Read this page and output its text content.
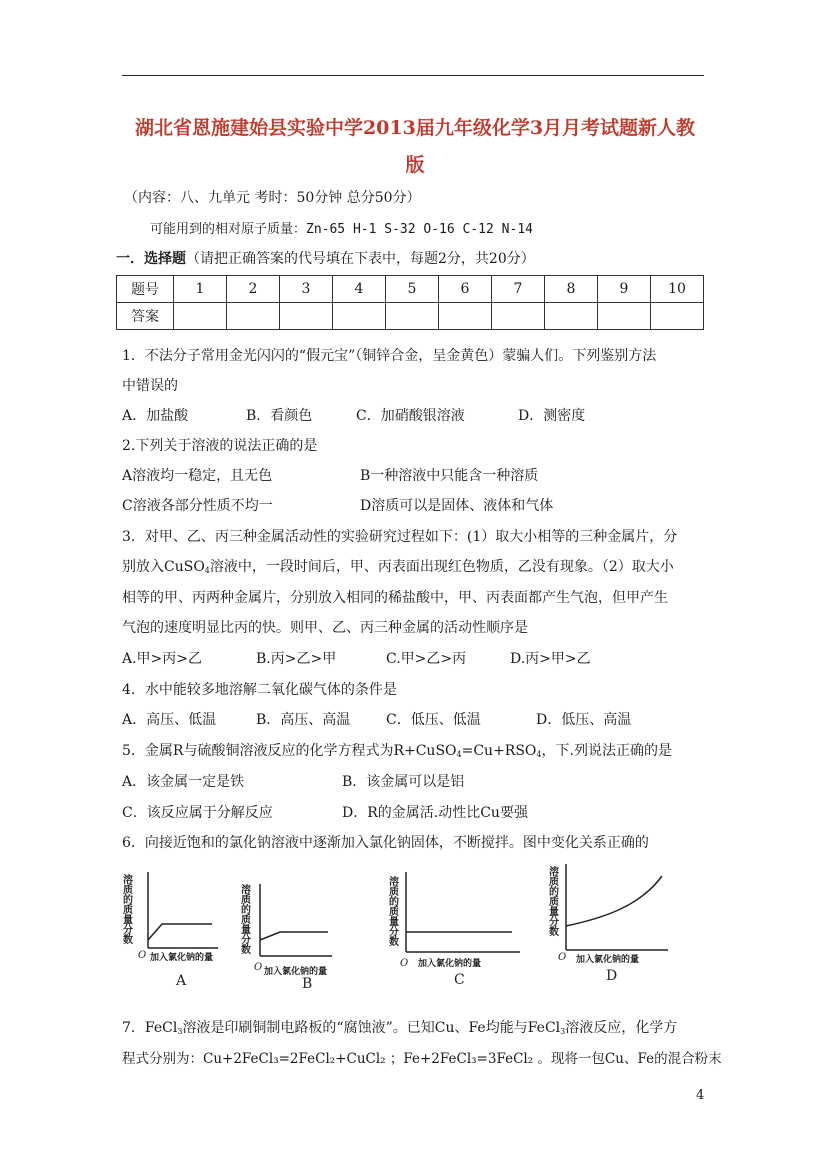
湖北省恩施建始县实验中学2013届九年级化学3月月考试题新人教
版
（内容：八、九单元 考时：50分钟 总分50分）
可能用到的相对原子质量：Zn-65 H-1 S-32 O-16 C-12 N-14
一．选择题（请把正确答案的代号填在下表中，每题2分，共20分）
题号	1	2	3	4	5	6	7	8	9	10
答案										
1．不法分子常用金光闪闪的“假元宝”（铜锌合金，呈金黄色）蒙骗人们。下列鉴别方法
中错误的
A．加盐酸	B．看颜色	C．加硝酸银溶液	D．测密度
2.下列关于溶液的说法正确的是
A溶液均一稳定，且无色	B一种溶液中只能含一种溶质
C溶液各部分性质不均一	D溶质可以是固体、液体和气体
3．对甲、乙、丙三种金属活动性的实验研究过程如下：(1）取大小相等的三种金属片，分
别放入CuSO$_4$溶液中，一段时间后，甲、丙表面出现红色物质，乙没有现象。（2）取大小
相等的甲、丙两种金属片，分别放入相同的稀盐酸中，甲、丙表面都产生气泡，但甲产生
气泡的速度明显比丙的快。则甲、乙、丙三种金属的活动性顺序是
A.甲>丙>乙	B.丙>乙>甲	C.甲>乙>丙	D.丙>甲>乙
4．水中能较多地溶解二氧化碳气体的条件是
A．高压、低温	B．高压、高温	C．低压、低温	D．低压、高温
5．金属R与硫酸铜溶液反应的化学方程式为$R+CuSO_4=Cu+RSO_4$，下.列说法正确的是
A．该金属一定是铁	B．该金属可以是铝
C．该反应属于分解反应	D．R的金属活.动性比Cu要强
6．向接近饱和的氯化钠溶液中逐渐加入氯化钠固体，不断搅拌。图中变化关系正确的
溶质的质量分数
O 加入氯化钠的量
A
溶质的质量分数
O 加入氯化钠的量
B
溶质的质量分数
O 加入氯化钠的量
C
溶质的质量分数
O 加入氯化钠的量
D
7．FeCl$_3$溶液是印刷铜制电路板的“腐蚀液”。已知Cu、Fe均能与FeCl$_3$溶液反应，化学方
程式分别为：Cu+2FeCl₃=2FeCl₂+CuCl₂ ；Fe+2FeCl₃=3FeCl₂ 。现将一包Cu、Fe的混合粉末
4
